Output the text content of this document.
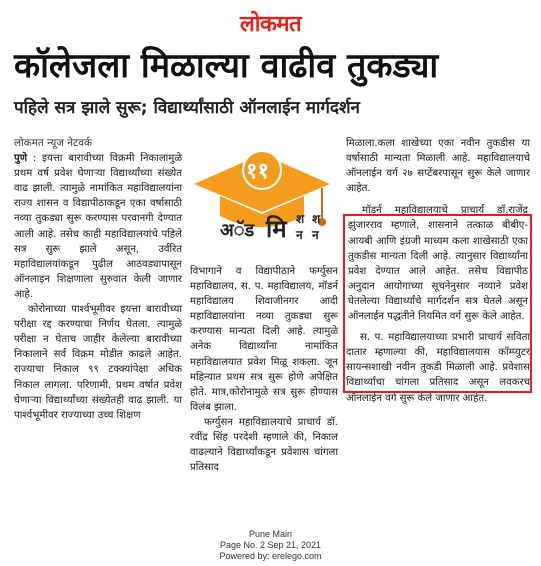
लोकमत
कॉलेजला मिळाल्या वाढीव तुकड्या
पहिले सत्र झाले सुरू; विद्यार्थ्यांसाठी ऑनलाईन मार्गदर्शन

लोकमत न्यूज नेटवर्क

पुणे : इयत्ता बारावीच्या विक्रमी निकालामुळे प्रथम वर्ष प्रवेश घेणाऱ्या विद्यार्थ्यांच्या संख्येत वाढ झाली. त्यामुळे नामांकित महाविद्यालयांना राज्य शासन व विद्यापीठाकडून एका वर्षासाठी नव्या तुकड्या सुरू करण्यास परवानगी देण्यात आली आहे. तसेच काही महाविद्यालयांचे पहिले सत्र सुरू झाले असून, उर्वरित महाविद्यालयांकडून पुढील आठवड्यापासून ऑनलाइन शिक्षणाला सुरुवात केली जाणार आहे.

कोरोनाच्या पार्श्वभूमीवर इयत्ता बारावीच्या परीक्षा रद्द करण्याचा निर्णय घेतला. त्यामुळे परीक्षा न घेताच जाहीर केलेल्या बारावीच्या निकालाने सर्व विक्रम मोडीत काढले आहेत. राज्याचा निकाल ९९ टक्क्यांपेक्षा अधिक निकाल लागला. परिणामी, प्रथम वर्षात प्रवेश घेणाऱ्या विद्यार्थ्यांच्या संख्येतही वाढ झाली. या पार्श्वभूमीवर राज्याच्या उच्च शिक्षण

११
अॅड मि श
न
श
न

विभागाने व विद्यापीठाने फर्ग्युसन महाविद्यालय, स. प. महाविद्यालय, मॉडर्न महाविद्यालय शिवाजीनगर आदी महाविद्यालयांना नव्या तुकड्या सुरू करण्यास मान्यता दिली आहे. त्यामुळे अनेक विद्यार्थ्यांना नामांकित महाविद्यालयात प्रवेश मिळू शकला. जून महिन्यात प्रथम सत्र सुरू होणे अपेक्षित होते. मात्र,कोरोनामुळे सत्र सुरू होण्यास विलंब झाला.

फर्ग्युसन महाविद्यालयाचे प्राचार्य डॉ. रवींद्र सिंह परदेशी म्हणाले की, निकाल वाढल्याने विद्यार्थ्यांकडून प्रवेशास चांगला प्रतिसाद

मिळाला.कला शाखेच्या एका नवीन तुकडीस या वर्षासाठी मान्यता मिळाली आहे. महाविद्यालयाचे ऑनलाईन वर्ग २७ सप्टेंबरपासून सुरू केले जाणार आहेत.

मॉडर्न महाविद्यालयाचे प्राचार्य डॉ.राजेंद्र झुंजारराव म्हणाले, शासनाने तत्काळ बीबीए-आयबी आणि इंग्रजी माध्यम कला शाखेसाठी एका तुकडीस मान्यता दिली आहे. त्यानुसार विद्यार्थ्यांना प्रवेश देण्यात आले आहेत. तसेच विद्यापीठ अनुदान आयोगाच्या सूचनेनुसार नव्याने प्रवेश घेतलेल्या विद्यार्थ्यांचे मार्गदर्शन सत्र घेतले असून ऑनलाईन पद्धतीने नियमित वर्ग सुरू केले आहेत.

स. प. महाविद्यालयाच्या प्रभारी प्राचार्य सविता दातार म्हणाल्या की, महाविद्यालयास कॉम्प्युटर सायन्सशाखी नवीन तुकडी मिळाली आहे. प्रवेशास विद्यार्थ्यांचा चांगला प्रतिसाद असून लवकरच ऑनलाईन वर्ग सुरू केले जाणार आहेत.

Pune Main
Page No. 2 Sep 21, 2021
Powered by: erelego.com
